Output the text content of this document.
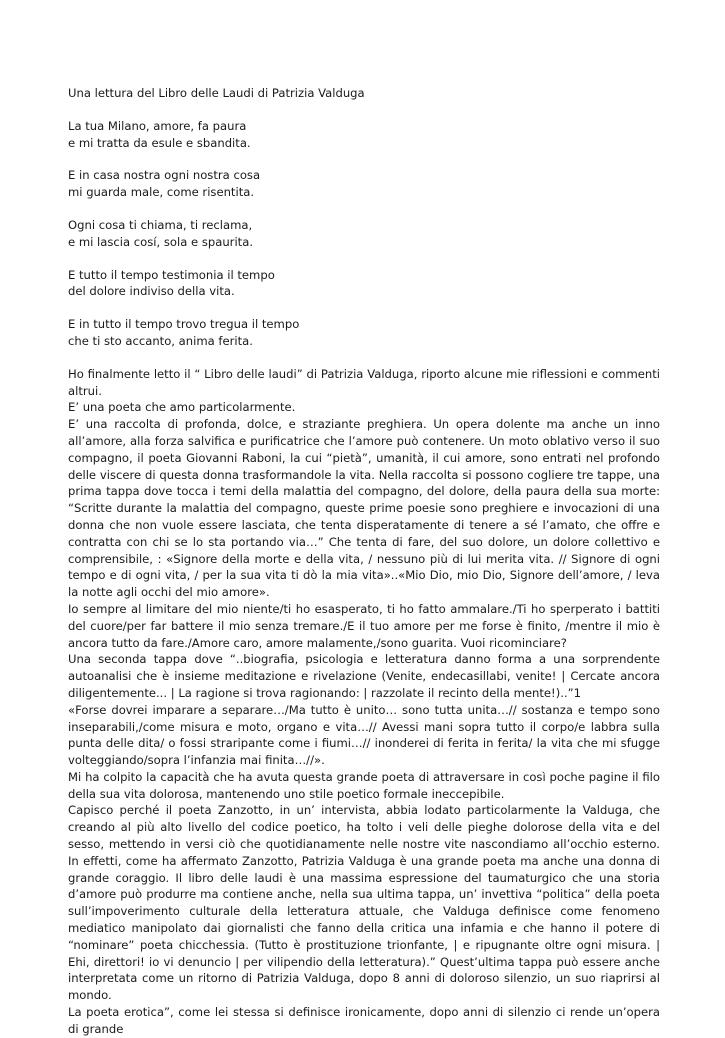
Una lettura del Libro delle Laudi di Patrizia Valduga

La tua Milano, amore, fa paura
e mi tratta da esule e sbandita.
E in casa nostra ogni nostra cosa
mi guarda male, come risentita.
Ogni cosa ti chiama, ti reclama,
e mi lascia cosí, sola e spaurita.
E tutto il tempo testimonia il tempo
del dolore indiviso della vita.
E in tutto il tempo trovo tregua il tempo
che ti sto accanto, anima ferita.

Ho finalmente letto il “ Libro delle laudi” di Patrizia Valduga, riporto alcune mie riflessioni e commenti altrui.

E’ una poeta che amo particolarmente.

E’ una raccolta di profonda, dolce, e straziante preghiera. Un opera dolente ma anche un inno all’amore, alla forza salvifica e purificatrice che l’amore può contenere. Un moto oblativo verso il suo compagno, il poeta Giovanni Raboni, la cui “pietà”, umanità, il cui amore, sono entrati nel profondo delle viscere di questa donna trasformandole la vita. Nella raccolta si possono cogliere tre tappe, una prima tappa dove tocca i temi della malattia del compagno, del dolore, della paura della sua morte: “Scritte durante la malattia del compagno, queste prime poesie sono preghiere e invocazioni di una donna che non vuole essere lasciata, che tenta disperatamente di tenere a sé l’amato, che offre e contratta con chi se lo sta portando via…” Che tenta di fare, del suo dolore, un dolore collettivo e comprensibile, : «Signore della morte e della vita, / nessuno più di lui merita vita. // Signore di ogni tempo e di ogni vita, / per la sua vita ti dò la mia vita»..«Mio Dio, mio Dio, Signore dell’amore, / leva la notte agli occhi del mio amore».

Io sempre al limitare del mio niente/ti ho esasperato, ti ho fatto ammalare./Ti ho sperperato i battiti del cuore/per far battere il mio senza tremare./E il tuo amore per me forse è finito, /mentre il mio è ancora tutto da fare./Amore caro, amore malamente,/sono guarita. Vuoi ricominciare?

Una seconda tappa dove “..biografia, psicologia e letteratura danno forma a una sorprendente autoanalisi che è insieme meditazione e rivelazione (Venite, endecasillabi, venite! | Cercate ancora diligentemente... | La ragione si trova ragionando: | razzolate il recinto della mente!)..”1

«Forse dovrei imparare a separare…/Ma tutto è unito… sono tutta unita…// sostanza e tempo sono inseparabili,/come misura e moto, organo e vita…// Avessi mani sopra tutto il corpo/e labbra sulla punta delle dita/ o fossi straripante come i fiumi…// inonderei di ferita in ferita/ la vita che mi sfugge volteggiando/sopra l’infanzia mai finita…//».

Mi ha colpito la capacità che ha avuta questa grande poeta di attraversare in così poche pagine il filo della sua vita dolorosa, mantenendo uno stile poetico formale ineccepibile.

Capisco perché il poeta Zanzotto, in un’ intervista, abbia lodato particolarmente la Valduga, che creando al più alto livello del codice poetico, ha tolto i veli delle pieghe dolorose della vita e del sesso, mettendo in versi ciò che quotidianamente nelle nostre vite nascondiamo all’occhio esterno. In effetti, come ha affermato Zanzotto, Patrizia Valduga è una grande poeta ma anche una donna di grande coraggio. Il libro delle laudi è una massima espressione del taumaturgico che una storia d’amore può produrre ma contiene anche, nella sua ultima tappa, un’ invettiva “politica” della poeta sull’impoverimento culturale della letteratura attuale, che Valduga definisce come fenomeno mediatico manipolato dai giornalisti che fanno della critica una infamia e che hanno il potere di “nominare” poeta chicchessia. (Tutto è prostituzione trionfante, | e ripugnante oltre ogni misura. | Ehi, direttori! io vi denuncio | per vilipendio della letteratura).” Quest’ultima tappa può essere anche interpretata come un ritorno di Patrizia Valduga, dopo 8 anni di doloroso silenzio, un suo riaprirsi al mondo.

La poeta erotica”, come lei stessa si definisce ironicamente, dopo anni di silenzio ci rende un’opera di grande
